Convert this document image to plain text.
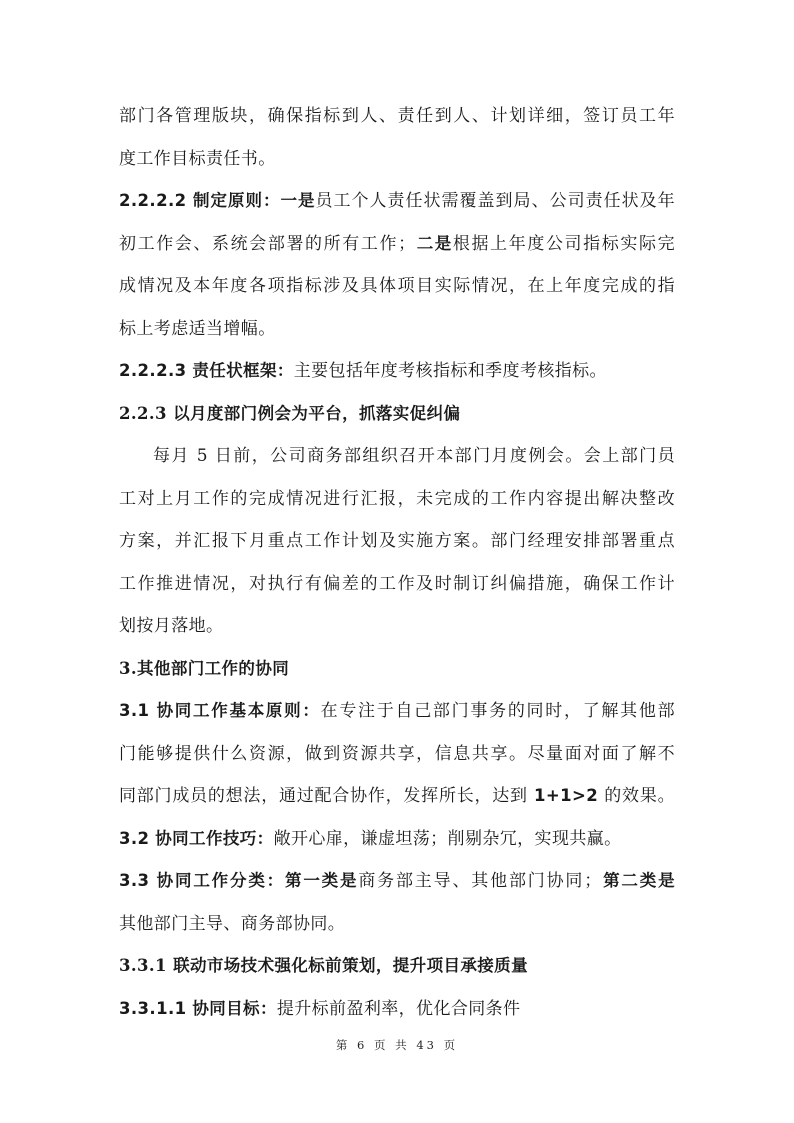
部门各管理版块，确保指标到人、责任到人、计划详细，签订员工年
度工作目标责任书。
2.2.2.2 制定原则：一是员工个人责任状需覆盖到局、公司责任状及年
初工作会、系统会部署的所有工作；二是根据上年度公司指标实际完
成情况及本年度各项指标涉及具体项目实际情况，在上年度完成的指
标上考虑适当增幅。
2.2.2.3 责任状框架：主要包括年度考核指标和季度考核指标。
2.2.3 以月度部门例会为平台，抓落实促纠偏
每月 5 日前，公司商务部组织召开本部门月度例会。会上部门员
工对上月工作的完成情况进行汇报，未完成的工作内容提出解决整改
方案，并汇报下月重点工作计划及实施方案。部门经理安排部署重点
工作推进情况，对执行有偏差的工作及时制订纠偏措施，确保工作计
划按月落地。
3.其他部门工作的协同
3.1 协同工作基本原则：在专注于自己部门事务的同时，了解其他部
门能够提供什么资源，做到资源共享，信息共享。尽量面对面了解不
同部门成员的想法，通过配合协作，发挥所长，达到 1+1>2 的效果。
3.2 协同工作技巧：敞开心扉，谦虚坦荡；削剔杂冗，实现共赢。
3.3 协同工作分类：第一类是商务部主导、其他部门协同；第二类是
其他部门主导、商务部协同。
3.3.1 联动市场技术强化标前策划，提升项目承接质量
3.3.1.1 协同目标：提升标前盈利率，优化合同条件
第 6 页 共 43 页
